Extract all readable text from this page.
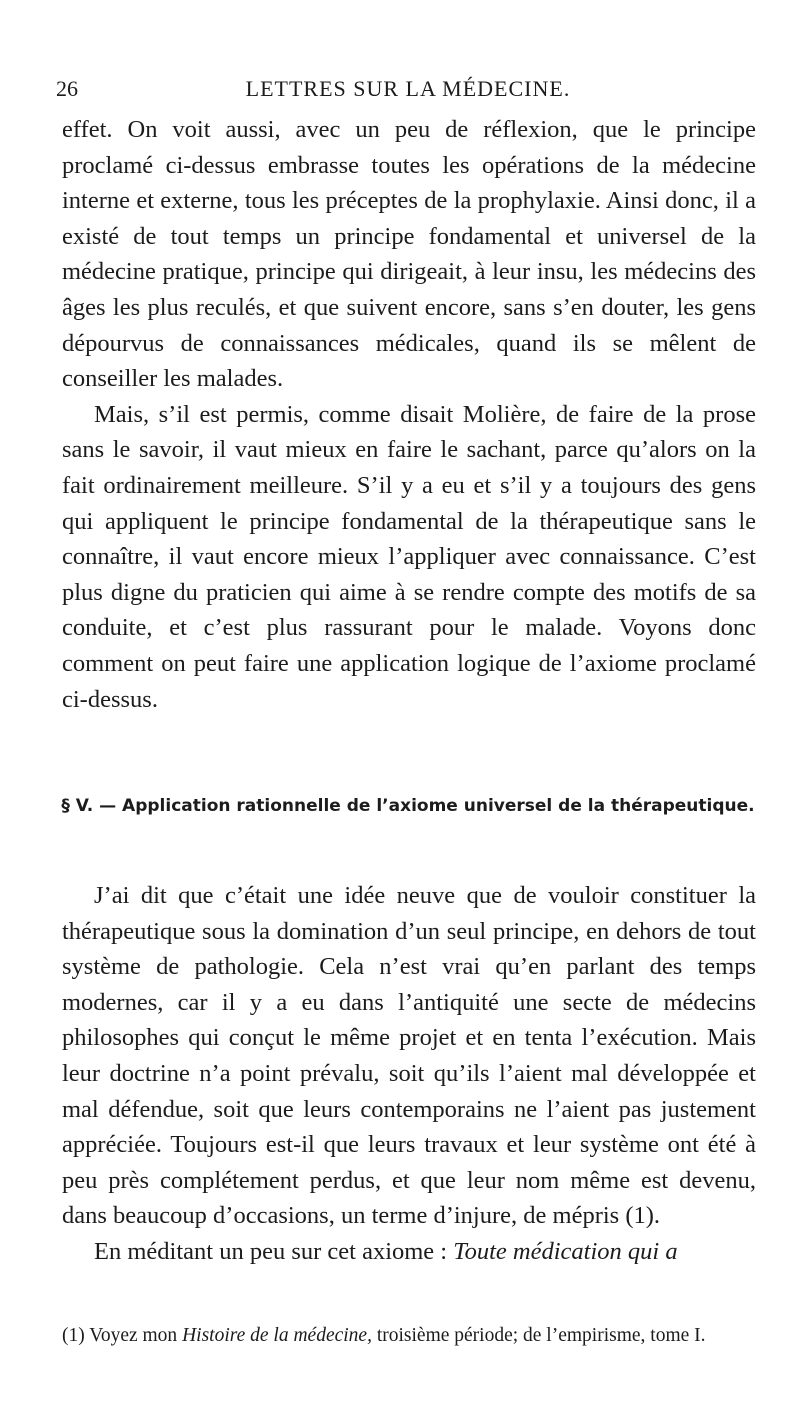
26	LETTRES SUR LA MÉDECINE.

effet. On voit aussi, avec un peu de réflexion, que le principe proclamé ci-dessus embrasse toutes les opérations de la médecine interne et externe, tous les préceptes de la prophylaxie. Ainsi donc, il a existé de tout temps un principe fondamental et universel de la médecine pratique, principe qui dirigeait, à leur insu, les médecins des âges les plus reculés, et que suivent encore, sans s’en douter, les gens dépourvus de connaissances médicales, quand ils se mêlent de conseiller les malades.

Mais, s’il est permis, comme disait Molière, de faire de la prose sans le savoir, il vaut mieux en faire le sachant, parce qu’alors on la fait ordinairement meilleure. S’il y a eu et s’il y a toujours des gens qui appliquent le principe fondamental de la thérapeutique sans le connaître, il vaut encore mieux l’appliquer avec connaissance. C’est plus digne du praticien qui aime à se rendre compte des motifs de sa conduite, et c’est plus rassurant pour le malade. Voyons donc comment on peut faire une application logique de l’axiome proclamé ci-dessus.

§ V. — Application rationnelle de l’axiome universel de la thérapeutique.

J’ai dit que c’était une idée neuve que de vouloir constituer la thérapeutique sous la domination d’un seul principe, en dehors de tout système de pathologie. Cela n’est vrai qu’en parlant des temps modernes, car il y a eu dans l’antiquité une secte de médecins philosophes qui conçut le même projet et en tenta l’exécution. Mais leur doctrine n’a point prévalu, soit qu’ils l’aient mal développée et mal défendue, soit que leurs contemporains ne l’aient pas justement appréciée. Toujours est-il que leurs travaux et leur système ont été à peu près complétement perdus, et que leur nom même est devenu, dans beaucoup d’occasions, un terme d’injure, de mépris (1).

En méditant un peu sur cet axiome : Toute médication qui a

(1) Voyez mon Histoire de la médecine, troisième période; de l’empirisme, tome I.
